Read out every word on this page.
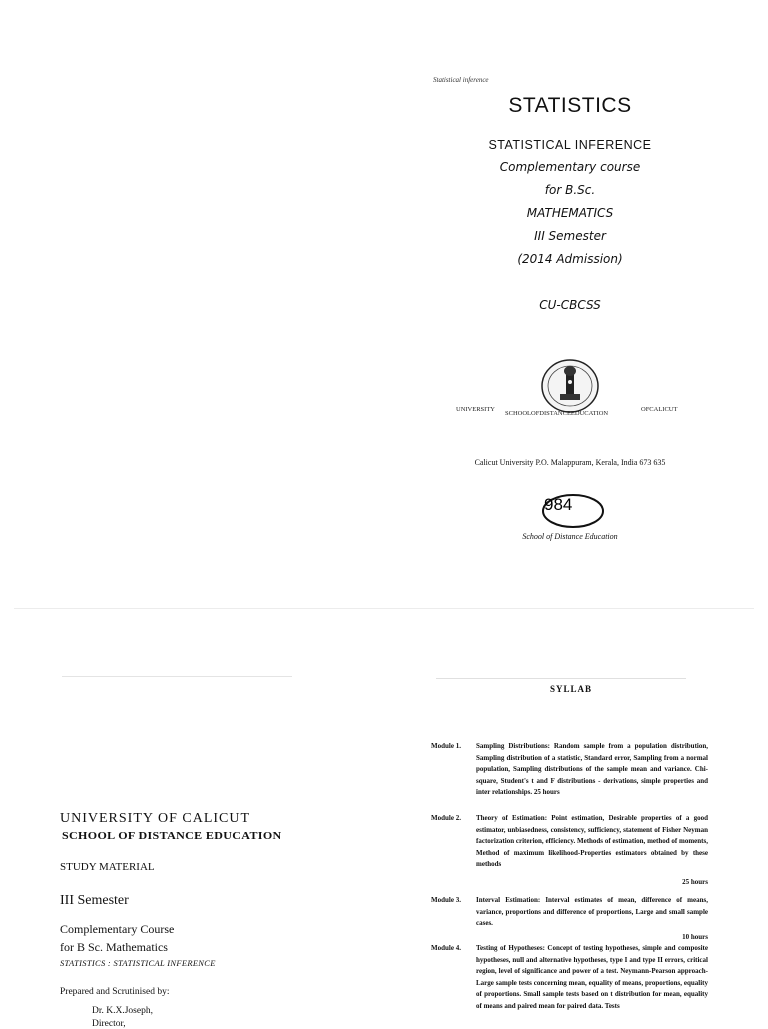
Statistical inference
STATISTICS
STATISTICAL INFERENCE
Complementary course
for B.Sc.
MATHEMATICS
III Semester
(2014 Admission)
CU-CBCSS
UNIVERSITY
SCHOOLOFDISTANCEEDUCATION
OFCALICUT
Calicut University P.O. Malappuram, Kerala, India 673 635
984
School of Distance Education
UNIVERSITY OF CALICUT
SCHOOL OF DISTANCE EDUCATION
STUDY MATERIAL
III Semester
Complementary Course
for B Sc. Mathematics
STATISTICS : STATISTICAL INFERENCE
Prepared and Scrutinised by:
Dr. K.X.Joseph,
Director,
SYLLAB
Module 1. Sampling Distributions: Random sample from a population distribution, Sampling distribution of a statistic, Standard error, Sampling from a normal population, Sampling distributions of the sample mean and variance. Chi-square, Student's t and F distributions - derivations, simple properties and inter relationships. 25 hours
Module 2. Theory of Estimation: Point estimation, Desirable properties of a good estimator, unbiasedness, consistency, sufficiency, statement of Fisher Neyman factorization criterion, efficiency. Methods of estimation, method of moments, Method of maximum likelihood-Properties estimators obtained by these methods
25 hours
Module 3. Interval Estimation: Interval estimates of mean, difference of means, variance, proportions and difference of proportions, Large and small sample cases.
10 hours
Module 4. Testing of Hypotheses: Concept of testing hypotheses, simple and composite hypotheses, null and alternative hypotheses, type I and type II errors, critical region, level of significance and power of a test. Neymann-Pearson approach-Large sample tests concerning mean, equality of means, proportions, equality of proportions. Small sample tests based on t distribution for mean, equality of means and paired mean for paired data. Tests
